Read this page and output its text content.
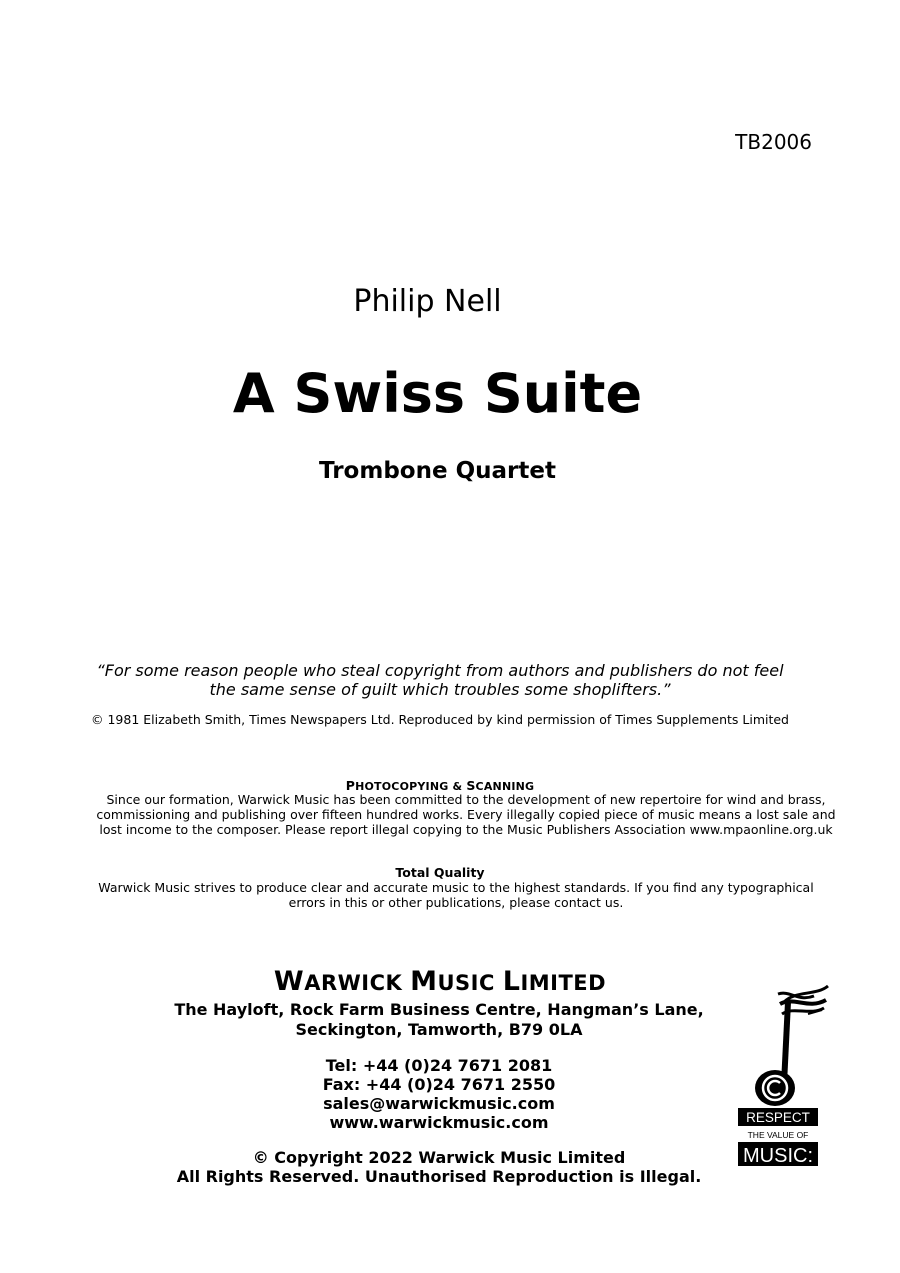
TB2006
Philip Nell
A Swiss Suite
Trombone Quartet
“For some reason people who steal copyright from authors and publishers do not feel
the same sense of guilt which troubles some shoplifters.”
© 1981 Elizabeth Smith, Times Newspapers Ltd. Reproduced by kind permission of Times Supplements Limited
PHOTOCOPYING & SCANNING
Since our formation, Warwick Music has been committed to the development of new repertoire for wind and brass,
commissioning and publishing over fifteen hundred works. Every illegally copied piece of music means a lost sale and
lost income to the composer. Please report illegal copying to the Music Publishers Association www.mpaonline.org.uk
Total Quality
Warwick Music strives to produce clear and accurate music to the highest standards. If you find any typographical
errors in this or other publications, please contact us.
WARWICK MUSIC LIMITED
The Hayloft, Rock Farm Business Centre, Hangman’s Lane,
Seckington, Tamworth, B79 0LA
Tel: +44 (0)24 7671 2081
Fax: +44 (0)24 7671 2550
sales@warwickmusic.com
www.warwickmusic.com
© Copyright 2022 Warwick Music Limited
All Rights Reserved. Unauthorised Reproduction is Illegal.
RESPECT
THE VALUE OF
MUSIC:
